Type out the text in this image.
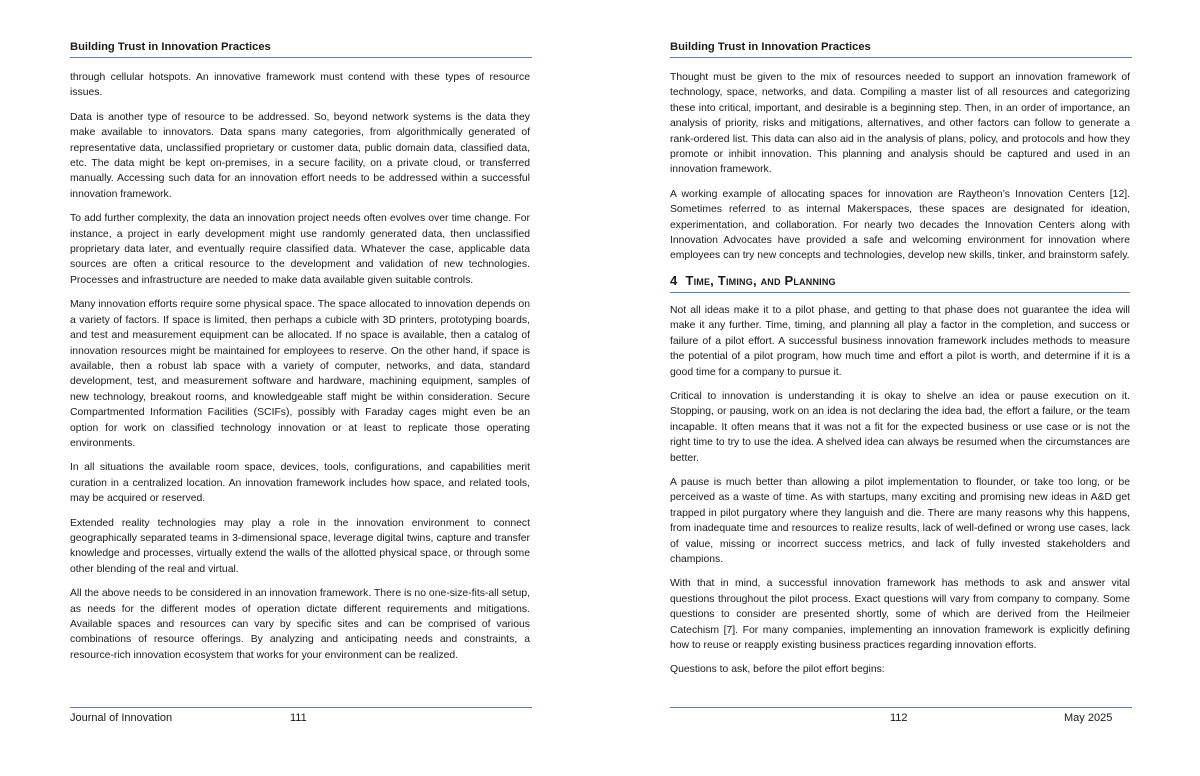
Building Trust in Innovation Practices

through cellular hotspots. An innovative framework must contend with these types of resource issues.

Data is another type of resource to be addressed. So, beyond network systems is the data they make available to innovators. Data spans many categories, from algorithmically generated of representative data, unclassified proprietary or customer data, public domain data, classified data, etc. The data might be kept on-premises, in a secure facility, on a private cloud, or transferred manually. Accessing such data for an innovation effort needs to be addressed within a successful innovation framework.

To add further complexity, the data an innovation project needs often evolves over time change. For instance, a project in early development might use randomly generated data, then unclassified proprietary data later, and eventually require classified data. Whatever the case, applicable data sources are often a critical resource to the development and validation of new technologies. Processes and infrastructure are needed to make data available given suitable controls.

Many innovation efforts require some physical space. The space allocated to innovation depends on a variety of factors. If space is limited, then perhaps a cubicle with 3D printers, prototyping boards, and test and measurement equipment can be allocated. If no space is available, then a catalog of innovation resources might be maintained for employees to reserve. On the other hand, if space is available, then a robust lab space with a variety of computer, networks, and data, standard development, test, and measurement software and hardware, machining equipment, samples of new technology, breakout rooms, and knowledgeable staff might be within consideration. Secure Compartmented Information Facilities (SCIFs), possibly with Faraday cages might even be an option for work on classified technology innovation or at least to replicate those operating environments.

In all situations the available room space, devices, tools, configurations, and capabilities merit curation in a centralized location. An innovation framework includes how space, and related tools, may be acquired or reserved.

Extended reality technologies may play a role in the innovation environment to connect geographically separated teams in 3-dimensional space, leverage digital twins, capture and transfer knowledge and processes, virtually extend the walls of the allotted physical space, or through some other blending of the real and virtual.

All the above needs to be considered in an innovation framework. There is no one-size-fits-all setup, as needs for the different modes of operation dictate different requirements and mitigations. Available spaces and resources can vary by specific sites and can be comprised of various combinations of resource offerings. By analyzing and anticipating needs and constraints, a resource-rich innovation ecosystem that works for your environment can be realized.

Journal of Innovation	111
Building Trust in Innovation Practices

Thought must be given to the mix of resources needed to support an innovation framework of technology, space, networks, and data. Compiling a master list of all resources and categorizing these into critical, important, and desirable is a beginning step. Then, in an order of importance, an analysis of priority, risks and mitigations, alternatives, and other factors can follow to generate a rank-ordered list. This data can also aid in the analysis of plans, policy, and protocols and how they promote or inhibit innovation. This planning and analysis should be captured and used in an innovation framework.

A working example of allocating spaces for innovation are Raytheon’s Innovation Centers [12]. Sometimes referred to as internal Makerspaces, these spaces are designated for ideation, experimentation, and collaboration. For nearly two decades the Innovation Centers along with Innovation Advocates have provided a safe and welcoming environment for innovation where employees can try new concepts and technologies, develop new skills, tinker, and brainstorm safely.

4 Time, Timing, and Planning

Not all ideas make it to a pilot phase, and getting to that phase does not guarantee the idea will make it any further. Time, timing, and planning all play a factor in the completion, and success or failure of a pilot effort. A successful business innovation framework includes methods to measure the potential of a pilot program, how much time and effort a pilot is worth, and determine if it is a good time for a company to pursue it.

Critical to innovation is understanding it is okay to shelve an idea or pause execution on it. Stopping, or pausing, work on an idea is not declaring the idea bad, the effort a failure, or the team incapable. It often means that it was not a fit for the expected business or use case or is not the right time to try to use the idea. A shelved idea can always be resumed when the circumstances are better.

A pause is much better than allowing a pilot implementation to flounder, or take too long, or be perceived as a waste of time. As with startups, many exciting and promising new ideas in A&D get trapped in pilot purgatory where they languish and die. There are many reasons why this happens, from inadequate time and resources to realize results, lack of well-defined or wrong use cases, lack of value, missing or incorrect success metrics, and lack of fully invested stakeholders and champions.

With that in mind, a successful innovation framework has methods to ask and answer vital questions throughout the pilot process. Exact questions will vary from company to company. Some questions to consider are presented shortly, some of which are derived from the Heilmeier Catechism [7]. For many companies, implementing an innovation framework is explicitly defining how to reuse or reapply existing business practices regarding innovation efforts.

Questions to ask, before the pilot effort begins:

112	May 2025
